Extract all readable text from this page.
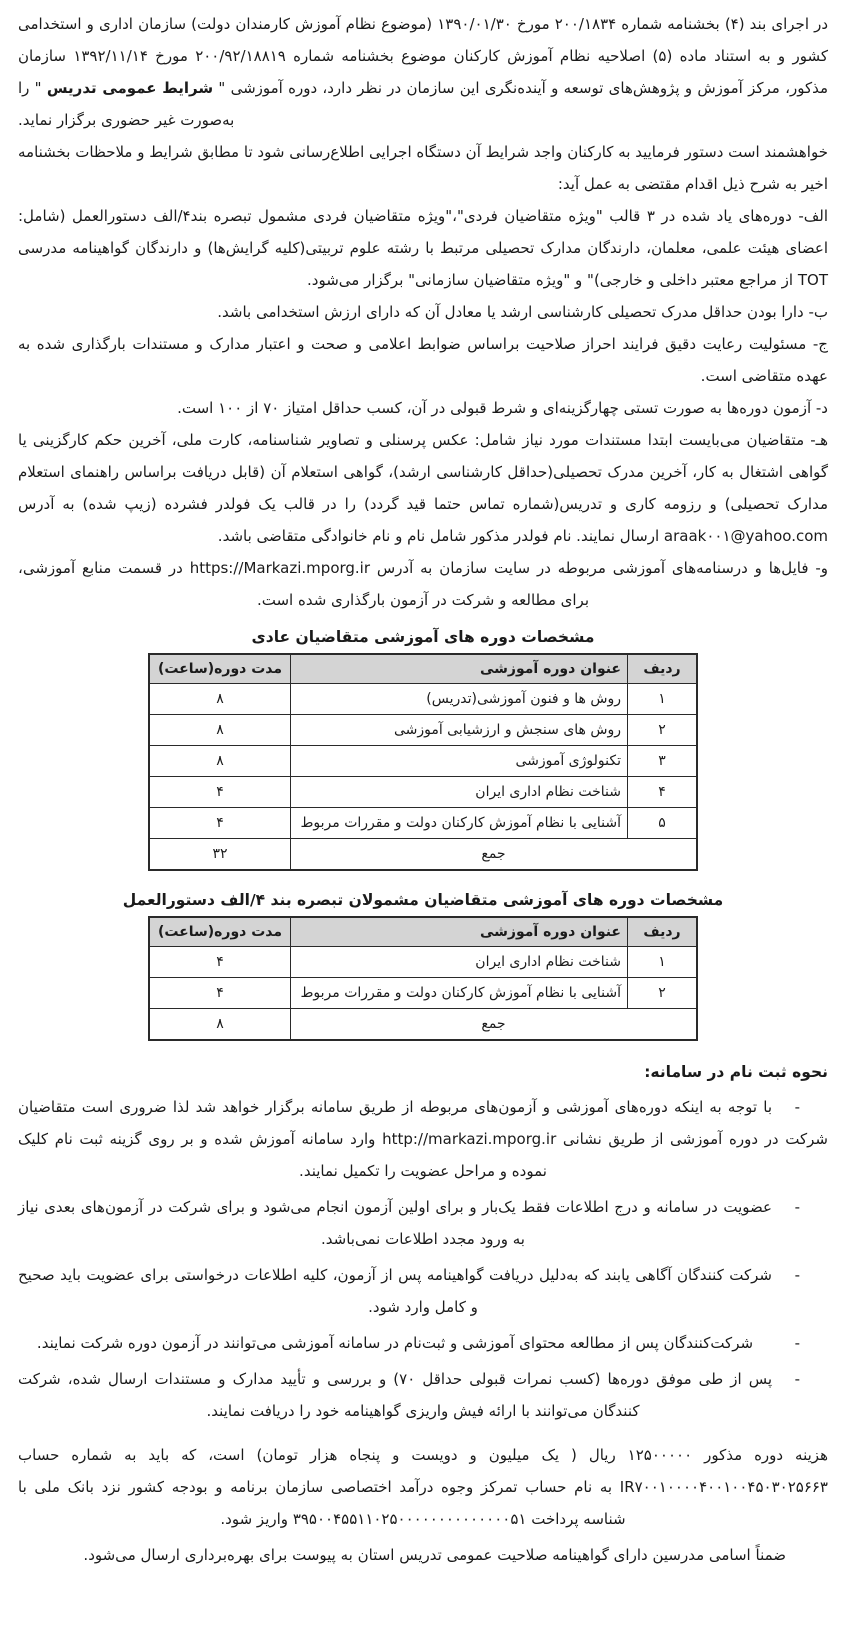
در اجرای بند (۴) بخشنامه شماره ۲۰۰/۱۸۳۴ مورخ ۱۳۹۰/۰۱/۳۰ (موضوع نظام آموزش کارمندان دولت) سازمان اداری و استخدامی کشور و به استناد ماده (۵) اصلاحیه نظام آموزش کارکنان موضوع بخشنامه شماره ۲۰۰/۹۲/۱۸۸۱۹ مورخ ۱۳۹۲/۱۱/۱۴ سازمان مذکور، مرکز آموزش و پژوهش‌های توسعه و آینده‌نگری این سازمان در نظر دارد، دوره آموزشی " شرایط عمومی تدریس " را به‌صورت غیر حضوری برگزار نماید.

خواهشمند است دستور فرمایید به کارکنان واجد شرایط آن دستگاه اجرایی اطلاع‌رسانی شود تا مطابق شرایط و ملاحظات بخشنامه اخیر به شرح ذیل اقدام مقتضی به عمل آید:

الف- دوره‌های یاد شده در ۳ قالب "ویژه متقاضیان فردی"،"ویژه متقاضیان فردی مشمول تبصره بند۴/الف دستورالعمل (شامل: اعضای هیئت علمی، معلمان، دارندگان مدارک تحصیلی مرتبط با رشته علوم تربیتی(کلیه گرایش‌ها) و دارندگان گواهینامه مدرسی TOT از مراجع معتبر داخلی و خارجی)" و "ویژه متقاضیان سازمانی" برگزار می‌شود.

ب- دارا بودن حداقل مدرک تحصیلی کارشناسی ارشد یا معادل آن که دارای ارزش استخدامی باشد.

ج- مسئولیت رعایت دقیق فرایند احراز صلاحیت براساس ضوابط اعلامی و صحت و اعتبار مدارک و مستندات بارگذاری شده به عهده متقاضی است.

د- آزمون دوره‌ها به صورت تستی چهارگزینه‌ای و شرط قبولی در آن، کسب حداقل امتیاز ۷۰ از ۱۰۰ است.

هـ- متقاضیان می‌بایست ابتدا مستندات مورد نیاز شامل: عکس پرسنلی و تصاویر شناسنامه، کارت ملی، آخرین حکم کارگزینی یا گواهی اشتغال به کار، آخرین مدرک تحصیلی(حداقل کارشناسی ارشد)، گواهی استعلام آن (قابل دریافت براساس راهنمای استعلام مدارک تحصیلی) و رزومه کاری و تدریس(شماره تماس حتما قید گردد) را در قالب یک فولدر فشرده (زیپ شده) به آدرس araak۰۰۱@yahoo.com ارسال نمایند. نام فولدر مذکور شامل نام و نام خانوادگی متقاضی باشد.

و- فایل‌ها و درسنامه‌های آموزشی مربوطه در سایت سازمان به آدرس https://Markazi.mporg.ir در قسمت منابع آموزشی، برای مطالعه و شرکت در آزمون بارگذاری شده است.

مشخصات دوره های آموزشی متقاضیان عادی
ردیف	عنوان دوره آموزشی	مدت دوره(ساعت)
۱	روش ها و فنون آموزشی(تدریس)	۸
۲	روش های سنجش و ارزشیابی آموزشی	۸
۳	تکنولوژی آموزشی	۸
۴	شناخت نظام اداری ایران	۴
۵	آشنایی با نظام آموزش کارکنان دولت و مقررات مربوط	۴
جمع		۳۲
مشخصات دوره های آموزشی متقاضیان مشمولان تبصره بند ۴/الف دستورالعمل
ردیف	عنوان دوره آموزشی	مدت دوره(ساعت)
۱	شناخت نظام اداری ایران	۴
۲	آشنایی با نظام آموزش کارکنان دولت و مقررات مربوط	۴
جمع		۸
نحوه ثبت نام در سامانه:
- با توجه به اینکه دوره‌های آموزشی و آزمون‌های مربوطه از طریق سامانه برگزار خواهد شد لذا ضروری است متقاضیان شرکت در دوره آموزشی از طریق نشانی http://markazi.mporg.ir وارد سامانه آموزش شده و بر روی گزینه ثبت نام کلیک نموده و مراحل عضویت را تکمیل نمایند.
- عضویت در سامانه و درج اطلاعات فقط یک‌بار و برای اولین آزمون انجام می‌شود و برای شرکت در آزمون‌های بعدی نیاز به ورود مجدد اطلاعات نمی‌باشد.
- شرکت کنندگان آگاهی یابند که به‌دلیل دریافت گواهینامه پس از آزمون، کلیه اطلاعات درخواستی برای عضویت باید صحیح و کامل وارد شود.
- شرکت‌کنندگان پس از مطالعه محتوای آموزشی و ثبت‌نام در سامانه آموزشی می‌توانند در آزمون دوره شرکت نمایند.
- پس از طی موفق دوره‌ها (کسب نمرات قبولی حداقل ۷۰) و بررسی و تأیید مدارک و مستندات ارسال شده، شرکت کنندگان می‌توانند با ارائه فیش واریزی گواهینامه خود را دریافت نمایند.

هزینه دوره مذکور ۱۲۵۰۰۰۰۰ ریال ( یک میلیون و دویست و پنجاه هزار تومان) است، که باید به شماره حساب IR۷۰۰۱۰۰۰۰۴۰۰۱۰۰۴۵۰۳۰۲۵۶۶۳ به نام حساب تمرکز وجوه درآمد اختصاصی سازمان برنامه و بودجه کشور نزد بانک ملی با شناسه پرداخت ۳۹۵۰۰۴۵۵۱۱۰۲۵۰۰۰۰۰۰۰۰۰۰۰۰۰۰۵۱ واریز شود.

ضمناً اسامی مدرسین دارای گواهینامه صلاحیت عمومی تدریس استان به پیوست برای بهره‌برداری ارسال می‌شود.
